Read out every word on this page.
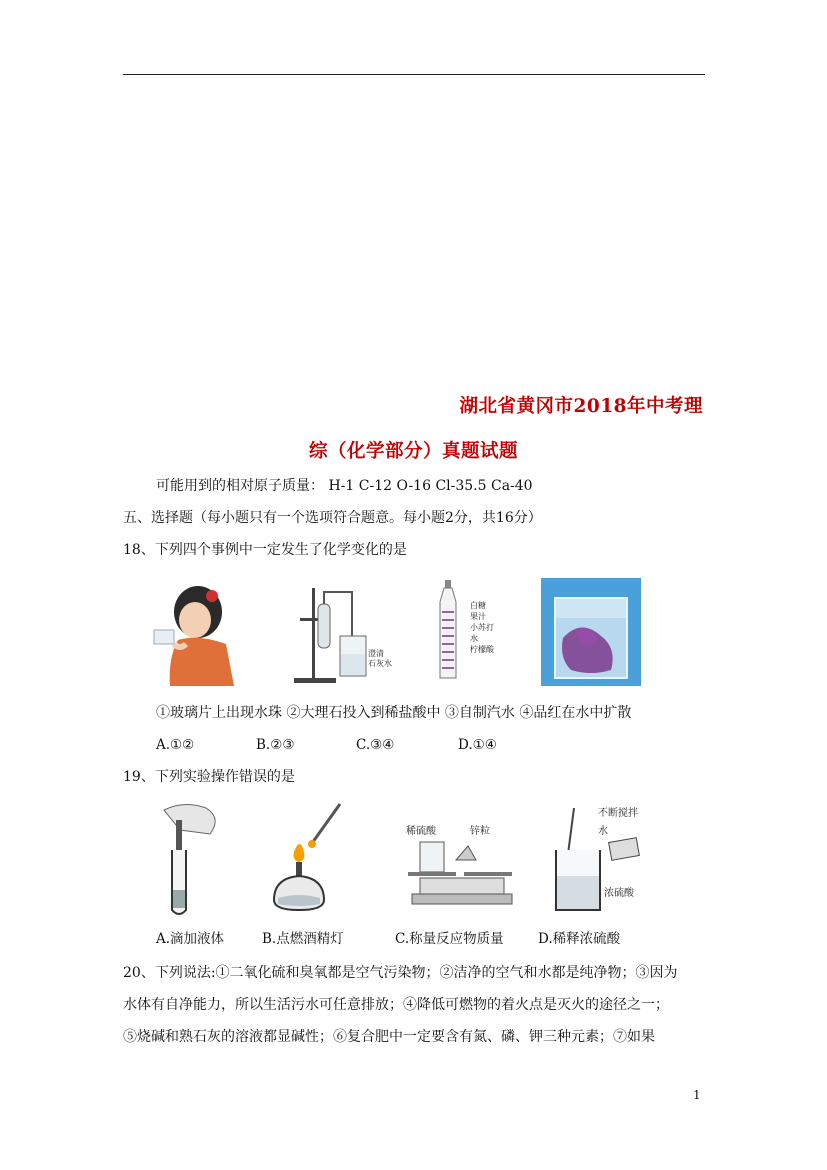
湖北省黄冈市2018年中考理
综（化学部分）真题试题
可能用到的相对原子质量： H-1 C-12 O-16 Cl-35.5 Ca-40
五、选择题（每小题只有一个选项符合题意。每小题2分，共16分）
18、下列四个事例中一定发生了化学变化的是
澄清
石灰水
白糖
果汁
小苏打
水
柠檬酸
①玻璃片上出现水珠 ②大理石投入到稀盐酸中 ③自制汽水 ④品红在水中扩散
A.①②	B.②③	C.③④	D.①④
19、下列实验操作错误的是
稀硫酸	锌粒
不断搅拌
水
浓硫酸
A.滴加液体	B.点燃酒精灯	C.称量反应物质量	D.稀释浓硫酸
20、下列说法:①二氧化硫和臭氧都是空气污染物；②洁净的空气和水都是纯净物；③因为
水体有自净能力，所以生活污水可任意排放；④降低可燃物的着火点是灭火的途径之一；
⑤烧碱和熟石灰的溶液都显碱性；⑥复合肥中一定要含有氮、磷、钾三种元素；⑦如果
1
